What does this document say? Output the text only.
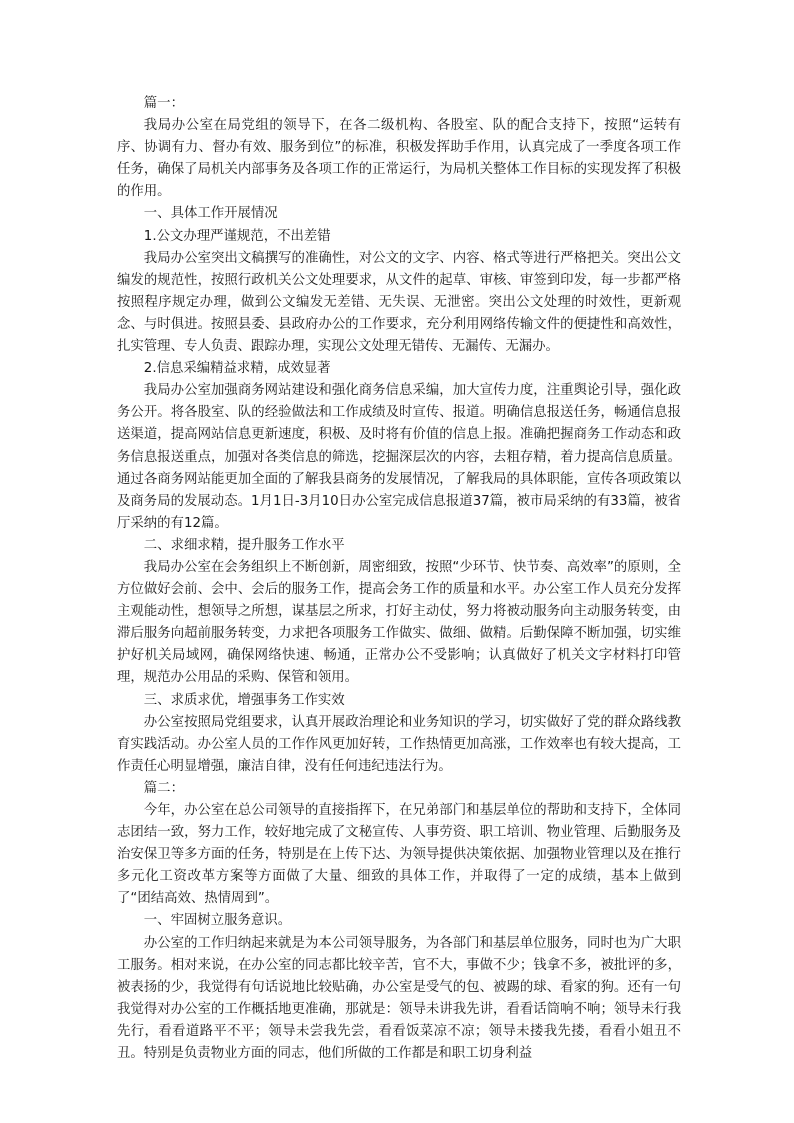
篇一：

我局办公室在局党组的领导下，在各二级机构、各股室、队的配合支持下，按照“运转有序、协调有力、督办有效、服务到位”的标准，积极发挥助手作用，认真完成了一季度各项工作任务，确保了局机关内部事务及各项工作的正常运行，为局机关整体工作目标的实现发挥了积极的作用。

一、具体工作开展情况

1.公文办理严谨规范，不出差错

我局办公室突出文稿撰写的准确性，对公文的文字、内容、格式等进行严格把关。突出公文编发的规范性，按照行政机关公文处理要求，从文件的起草、审核、审签到印发，每一步都严格按照程序规定办理，做到公文编发无差错、无失误、无泄密。突出公文处理的时效性，更新观念、与时俱进。按照县委、县政府办公的工作要求，充分利用网络传输文件的便捷性和高效性，扎实管理、专人负责、跟踪办理，实现公文处理无错传、无漏传、无漏办。

2.信息采编精益求精，成效显著

我局办公室加强商务网站建设和强化商务信息采编，加大宣传力度，注重舆论引导，强化政务公开。将各股室、队的经验做法和工作成绩及时宣传、报道。明确信息报送任务，畅通信息报送渠道，提高网站信息更新速度，积极、及时将有价值的信息上报。准确把握商务工作动态和政务信息报送重点，加强对各类信息的筛选，挖掘深层次的内容，去粗存精，着力提高信息质量。通过各商务网站能更加全面的了解我县商务的发展情况，了解我局的具体职能，宣传各项政策以及商务局的发展动态。1月1日-3月10日办公室完成信息报道37篇，被市局采纳的有33篇，被省厅采纳的有12篇。

二、求细求精，提升服务工作水平

我局办公室在会务组织上不断创新，周密细致，按照“少环节、快节奏、高效率”的原则，全方位做好会前、会中、会后的服务工作，提高会务工作的质量和水平。办公室工作人员充分发挥主观能动性，想领导之所想，谋基层之所求，打好主动仗，努力将被动服务向主动服务转变，由滞后服务向超前服务转变，力求把各项服务工作做实、做细、做精。后勤保障不断加强，切实维护好机关局域网，确保网络快速、畅通，正常办公不受影响；认真做好了机关文字材料打印管理，规范办公用品的采购、保管和领用。

三、求质求优，增强事务工作实效

办公室按照局党组要求，认真开展政治理论和业务知识的学习，切实做好了党的群众路线教育实践活动。办公室人员的工作作风更加好转，工作热情更加高涨，工作效率也有较大提高，工作责任心明显增强，廉洁自律，没有任何违纪违法行为。

篇二：

今年，办公室在总公司领导的直接指挥下，在兄弟部门和基层单位的帮助和支持下，全体同志团结一致，努力工作，较好地完成了文秘宣传、人事劳资、职工培训、物业管理、后勤服务及治安保卫等多方面的任务，特别是在上传下达、为领导提供决策依据、加强物业管理以及在推行多元化工资改革方案等方面做了大量、细致的具体工作，并取得了一定的成绩，基本上做到了“团结高效、热情周到”。

一、牢固树立服务意识。

办公室的工作归纳起来就是为本公司领导服务，为各部门和基层单位服务，同时也为广大职工服务。相对来说，在办公室的同志都比较辛苦，官不大，事做不少；钱拿不多，被批评的多，被表扬的少，我觉得有句话说地比较贴确，办公室是受气的包、被踢的球、看家的狗。还有一句我觉得对办公室的工作概括地更准确，那就是：领导未讲我先讲，看看话筒响不响；领导未行我先行，看看道路平不平；领导未尝我先尝，看看饭菜凉不凉；领导未搂我先搂，看看小姐丑不丑。特别是负责物业方面的同志，他们所做的工作都是和职工切身利益
